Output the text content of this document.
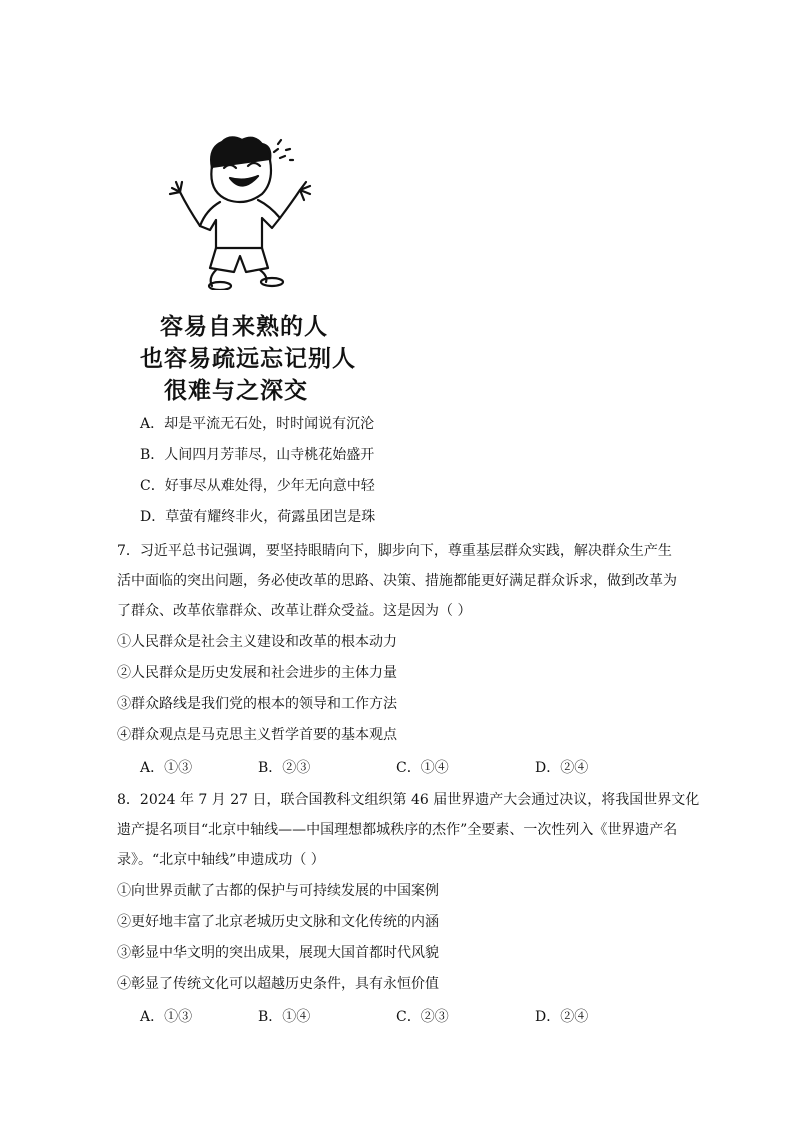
容易自来熟的人
也容易疏远忘记别人
很难与之深交
A．却是平流无石处，时时闻说有沉沦
B．人间四月芳菲尽，山寺桃花始盛开
C．好事尽从难处得，少年无向意中轻
D．草萤有耀终非火，荷露虽团岂是珠
7．习近平总书记强调，要坚持眼睛向下，脚步向下，尊重基层群众实践，解决群众生产生
活中面临的突出问题，务必使改革的思路、决策、措施都能更好满足群众诉求，做到改革为
了群众、改革依靠群众、改革让群众受益。这是因为（ ）
①人民群众是社会主义建设和改革的根本动力
②人民群众是历史发展和社会进步的主体力量
③群众路线是我们党的根本的领导和工作方法
④群众观点是马克思主义哲学首要的基本观点
A．①③	B．②③	C．①④	D．②④
8．2024 年 7 月 27 日，联合国教科文组织第 46 届世界遗产大会通过决议，将我国世界文化
遗产提名项目“北京中轴线——中国理想都城秩序的杰作”全要素、一次性列入《世界遗产名
录》。“北京中轴线”申遗成功（ ）
①向世界贡献了古都的保护与可持续发展的中国案例
②更好地丰富了北京老城历史文脉和文化传统的内涵
③彰显中华文明的突出成果，展现大国首都时代风貌
④彰显了传统文化可以超越历史条件，具有永恒价值
A．①③	B．①④	C．②③	D．②④
